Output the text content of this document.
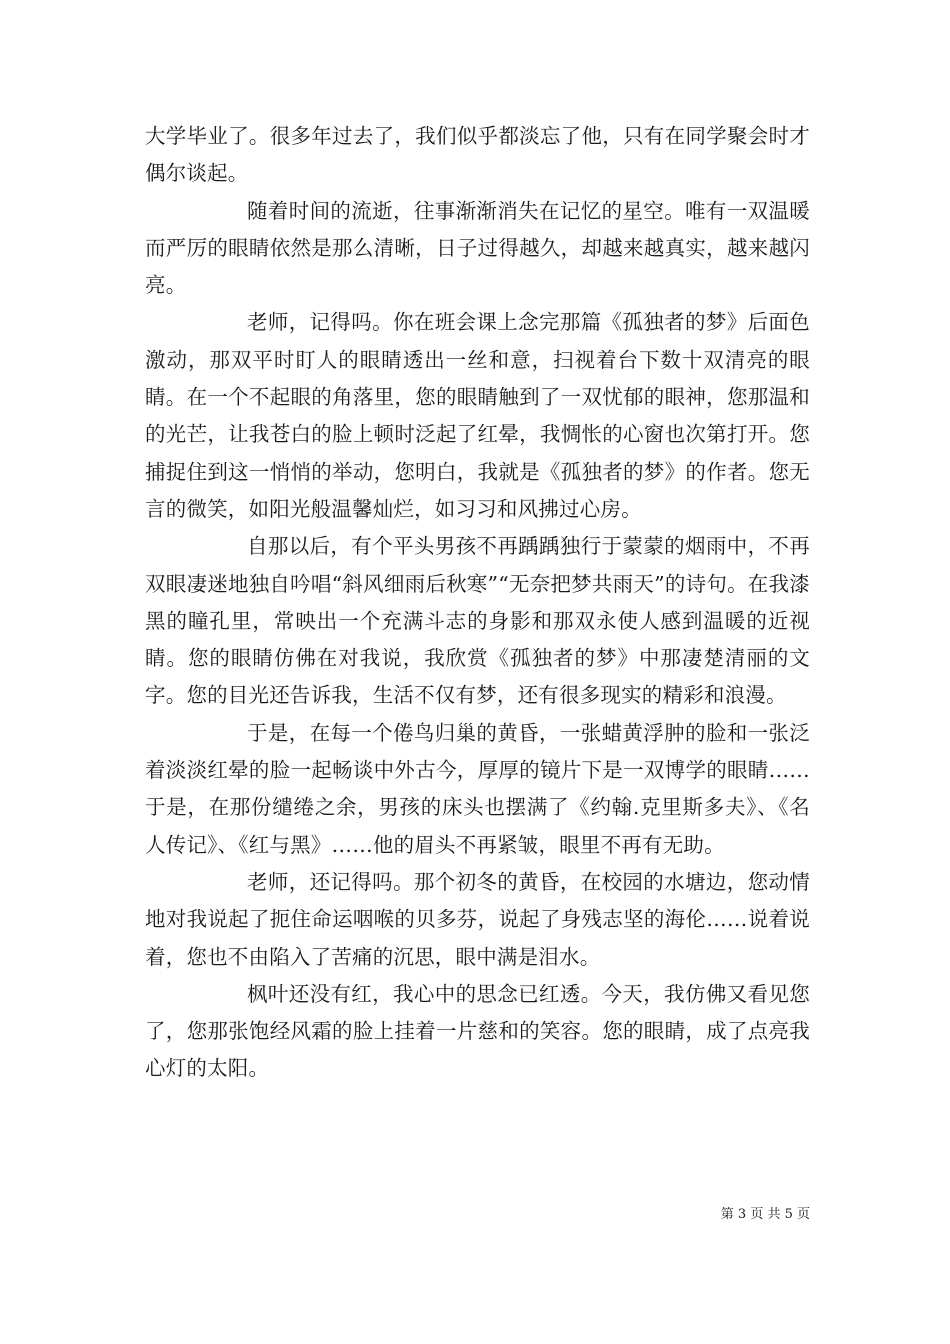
大学毕业了。很多年过去了，我们似乎都淡忘了他，只有在同学聚会时才偶尔谈起。

随着时间的流逝，往事渐渐消失在记忆的星空。唯有一双温暖而严厉的眼睛依然是那么清晰，日子过得越久，却越来越真实，越来越闪亮。

老师，记得吗。你在班会课上念完那篇《孤独者的梦》后面色激动，那双平时盯人的眼睛透出一丝和意，扫视着台下数十双清亮的眼睛。在一个不起眼的角落里，您的眼睛触到了一双忧郁的眼神，您那温和的光芒，让我苍白的脸上顿时泛起了红晕，我惆怅的心窗也次第打开。您捕捉住到这一悄悄的举动，您明白，我就是《孤独者的梦》的作者。您无言的微笑，如阳光般温馨灿烂，如习习和风拂过心房。

自那以后，有个平头男孩不再踽踽独行于蒙蒙的烟雨中，不再双眼凄迷地独自吟唱“斜风细雨后秋寒”“无奈把梦共雨天”的诗句。在我漆黑的瞳孔里，常映出一个充满斗志的身影和那双永使人感到温暖的近视睛。您的眼睛仿佛在对我说，我欣赏《孤独者的梦》中那凄楚清丽的文字。您的目光还告诉我，生活不仅有梦，还有很多现实的精彩和浪漫。

于是，在每一个倦鸟归巢的黄昏，一张蜡黄浮肿的脸和一张泛着淡淡红晕的脸一起畅谈中外古今，厚厚的镜片下是一双博学的眼睛……于是，在那份缱绻之余，男孩的床头也摆满了《约翰.克里斯多夫》、《名人传记》、《红与黑》……他的眉头不再紧皱，眼里不再有无助。

老师，还记得吗。那个初冬的黄昏，在校园的水塘边，您动情地对我说起了扼住命运咽喉的贝多芬，说起了身残志坚的海伦……说着说着，您也不由陷入了苦痛的沉思，眼中满是泪水。

枫叶还没有红，我心中的思念已红透。今天，我仿佛又看见您了，您那张饱经风霜的脸上挂着一片慈和的笑容。您的眼睛，成了点亮我心灯的太阳。

第 3 页 共 5 页
